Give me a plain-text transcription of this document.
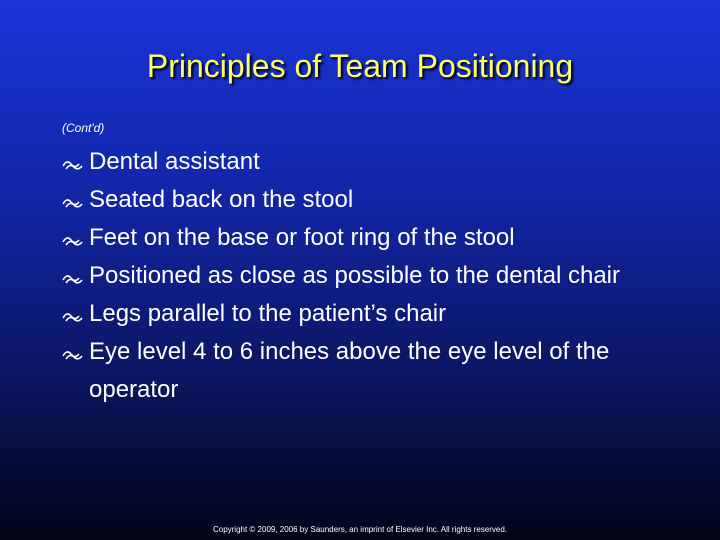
Principles of Team Positioning
(Cont'd)
Dental assistant
Seated back on the stool
Feet on the base or foot ring of the stool
Positioned as close as possible to the dental chair
Legs parallel to the patient’s chair
Eye level 4 to 6 inches above the eye level of the operator
Copyright © 2009, 2006 by Saunders, an imprint of Elsevier Inc. All rights reserved.
